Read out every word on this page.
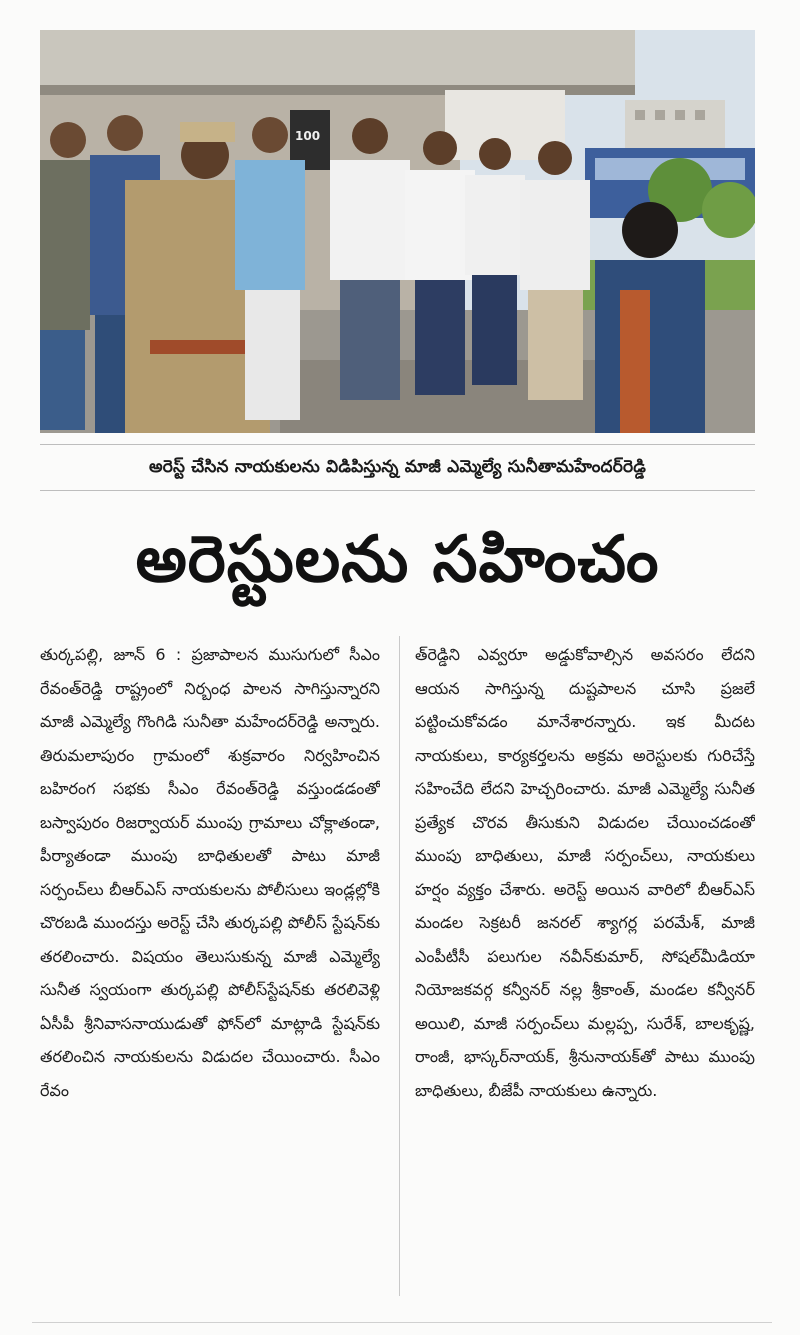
100
అరెస్ట్ చేసిన నాయకులను విడిపిస్తున్న మాజీ ఎమ్మెల్యే సునీతామహేందర్‌రెడ్డి
అరెస్టులను సహించం
తుర్కపల్లి, జూన్ 6 : ప్రజాపాలన ముసుగులో సీఎం రేవంత్‌రెడ్డి రాష్ట్రంలో నిర్బంధ పాలన సాగిస్తున్నారని మాజీ ఎమ్మెల్యే గొంగిడి సునీతా మహేందర్‌రెడ్డి అన్నారు. తిరుమలాపురం గ్రామంలో శుక్రవారం నిర్వహించిన బహిరంగ సభకు సీఎం రేవంత్‌రెడ్డి వస్తుండడంతో బస్వాపురం రిజర్వాయర్ ముంపు గ్రామాలు చోక్లాతండా, పీర్యాతండా ముంపు బాధితులతో పాటు మాజీ సర్పంచ్‌లు బీఆర్‌ఎస్ నాయకులను పోలీసులు ఇండ్లల్లోకి చొరబడి ముందస్తు అరెస్ట్ చేసి తుర్కపల్లి పోలీస్ స్టేషన్‌కు తరలించారు. విషయం తెలుసుకున్న మాజీ ఎమ్మెల్యే సునీత స్వయంగా తుర్కపల్లి పోలీస్‌స్టేషన్‌కు తరలివెళ్లి ఏసీపీ శ్రీనివాసనాయుడుతో ఫోన్‌లో మాట్లాడి స్టేషన్‌కు తరలించిన నాయకులను విడుదల చేయించారు. సీఎం రేవం
త్‌రెడ్డిని ఎవ్వరూ అడ్డుకోవాల్సిన అవసరం లేదని ఆయన సాగిస్తున్న దుష్టపాలన చూసి ప్రజలే పట్టించుకోవడం మానేశారన్నారు. ఇక మీదట నాయకులు, కార్యకర్తలను అక్రమ అరెస్టులకు గురిచేస్తే సహించేది లేదని హెచ్చరించారు. మాజీ ఎమ్మెల్యే సునీత ప్రత్యేక చొరవ తీసుకుని విడుదల చేయించడంతో ముంపు బాధితులు, మాజీ సర్పంచ్‌లు, నాయకులు హర్షం వ్యక్తం చేశారు. అరెస్ట్ అయిన వారిలో బీఆర్‌ఎస్ మండల సెక్రటరీ జనరల్ శ్యాగర్ల పరమేశ్, మాజీ ఎంపీటీసీ పలుగుల నవీన్‌కుమార్, సోషల్‌మీడియా నియోజకవర్గ కన్వీనర్ నల్ల శ్రీకాంత్, మండల కన్వీనర్ అయిలి, మాజీ సర్పంచ్‌లు మల్లప్ప, సురేశ్, బాలకృష్ణ, రాంజీ, భాస్కర్‌నాయక్, శ్రీనునాయక్‌తో పాటు ముంపు బాధితులు, బీజేపీ నాయకులు ఉన్నారు.
